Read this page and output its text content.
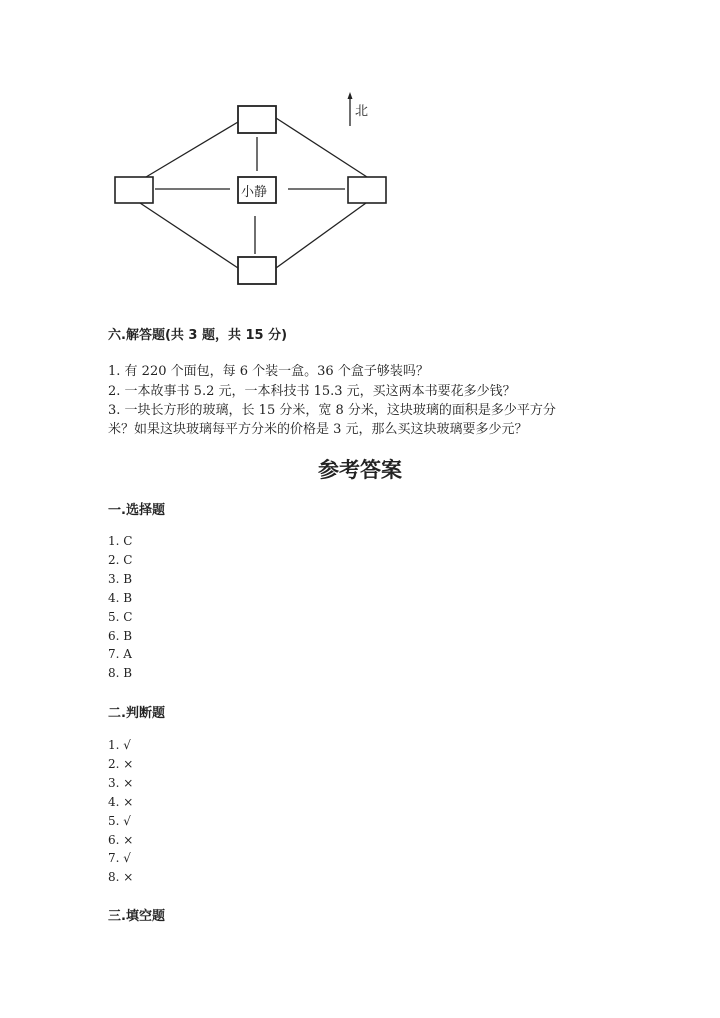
小静
北
六.解答题(共 3 题，共 15 分)
1. 有 220 个面包，每 6 个装一盒。36 个盒子够装吗？
2. 一本故事书 5.2 元，一本科技书 15.3 元，买这两本书要花多少钱？
3. 一块长方形的玻璃，长 15 分米，宽 8 分米，这块玻璃的面积是多少平方分
米？如果这块玻璃每平方分米的价格是 3 元，那么买这块玻璃要多少元？
参考答案
一.选择题
1. C
2. C
3. B
4. B
5. C
6. B
7. A
8. B
二.判断题
1. √
2. ×
3. ×
4. ×
5. √
6. ×
7. √
8. ×
三.填空题
